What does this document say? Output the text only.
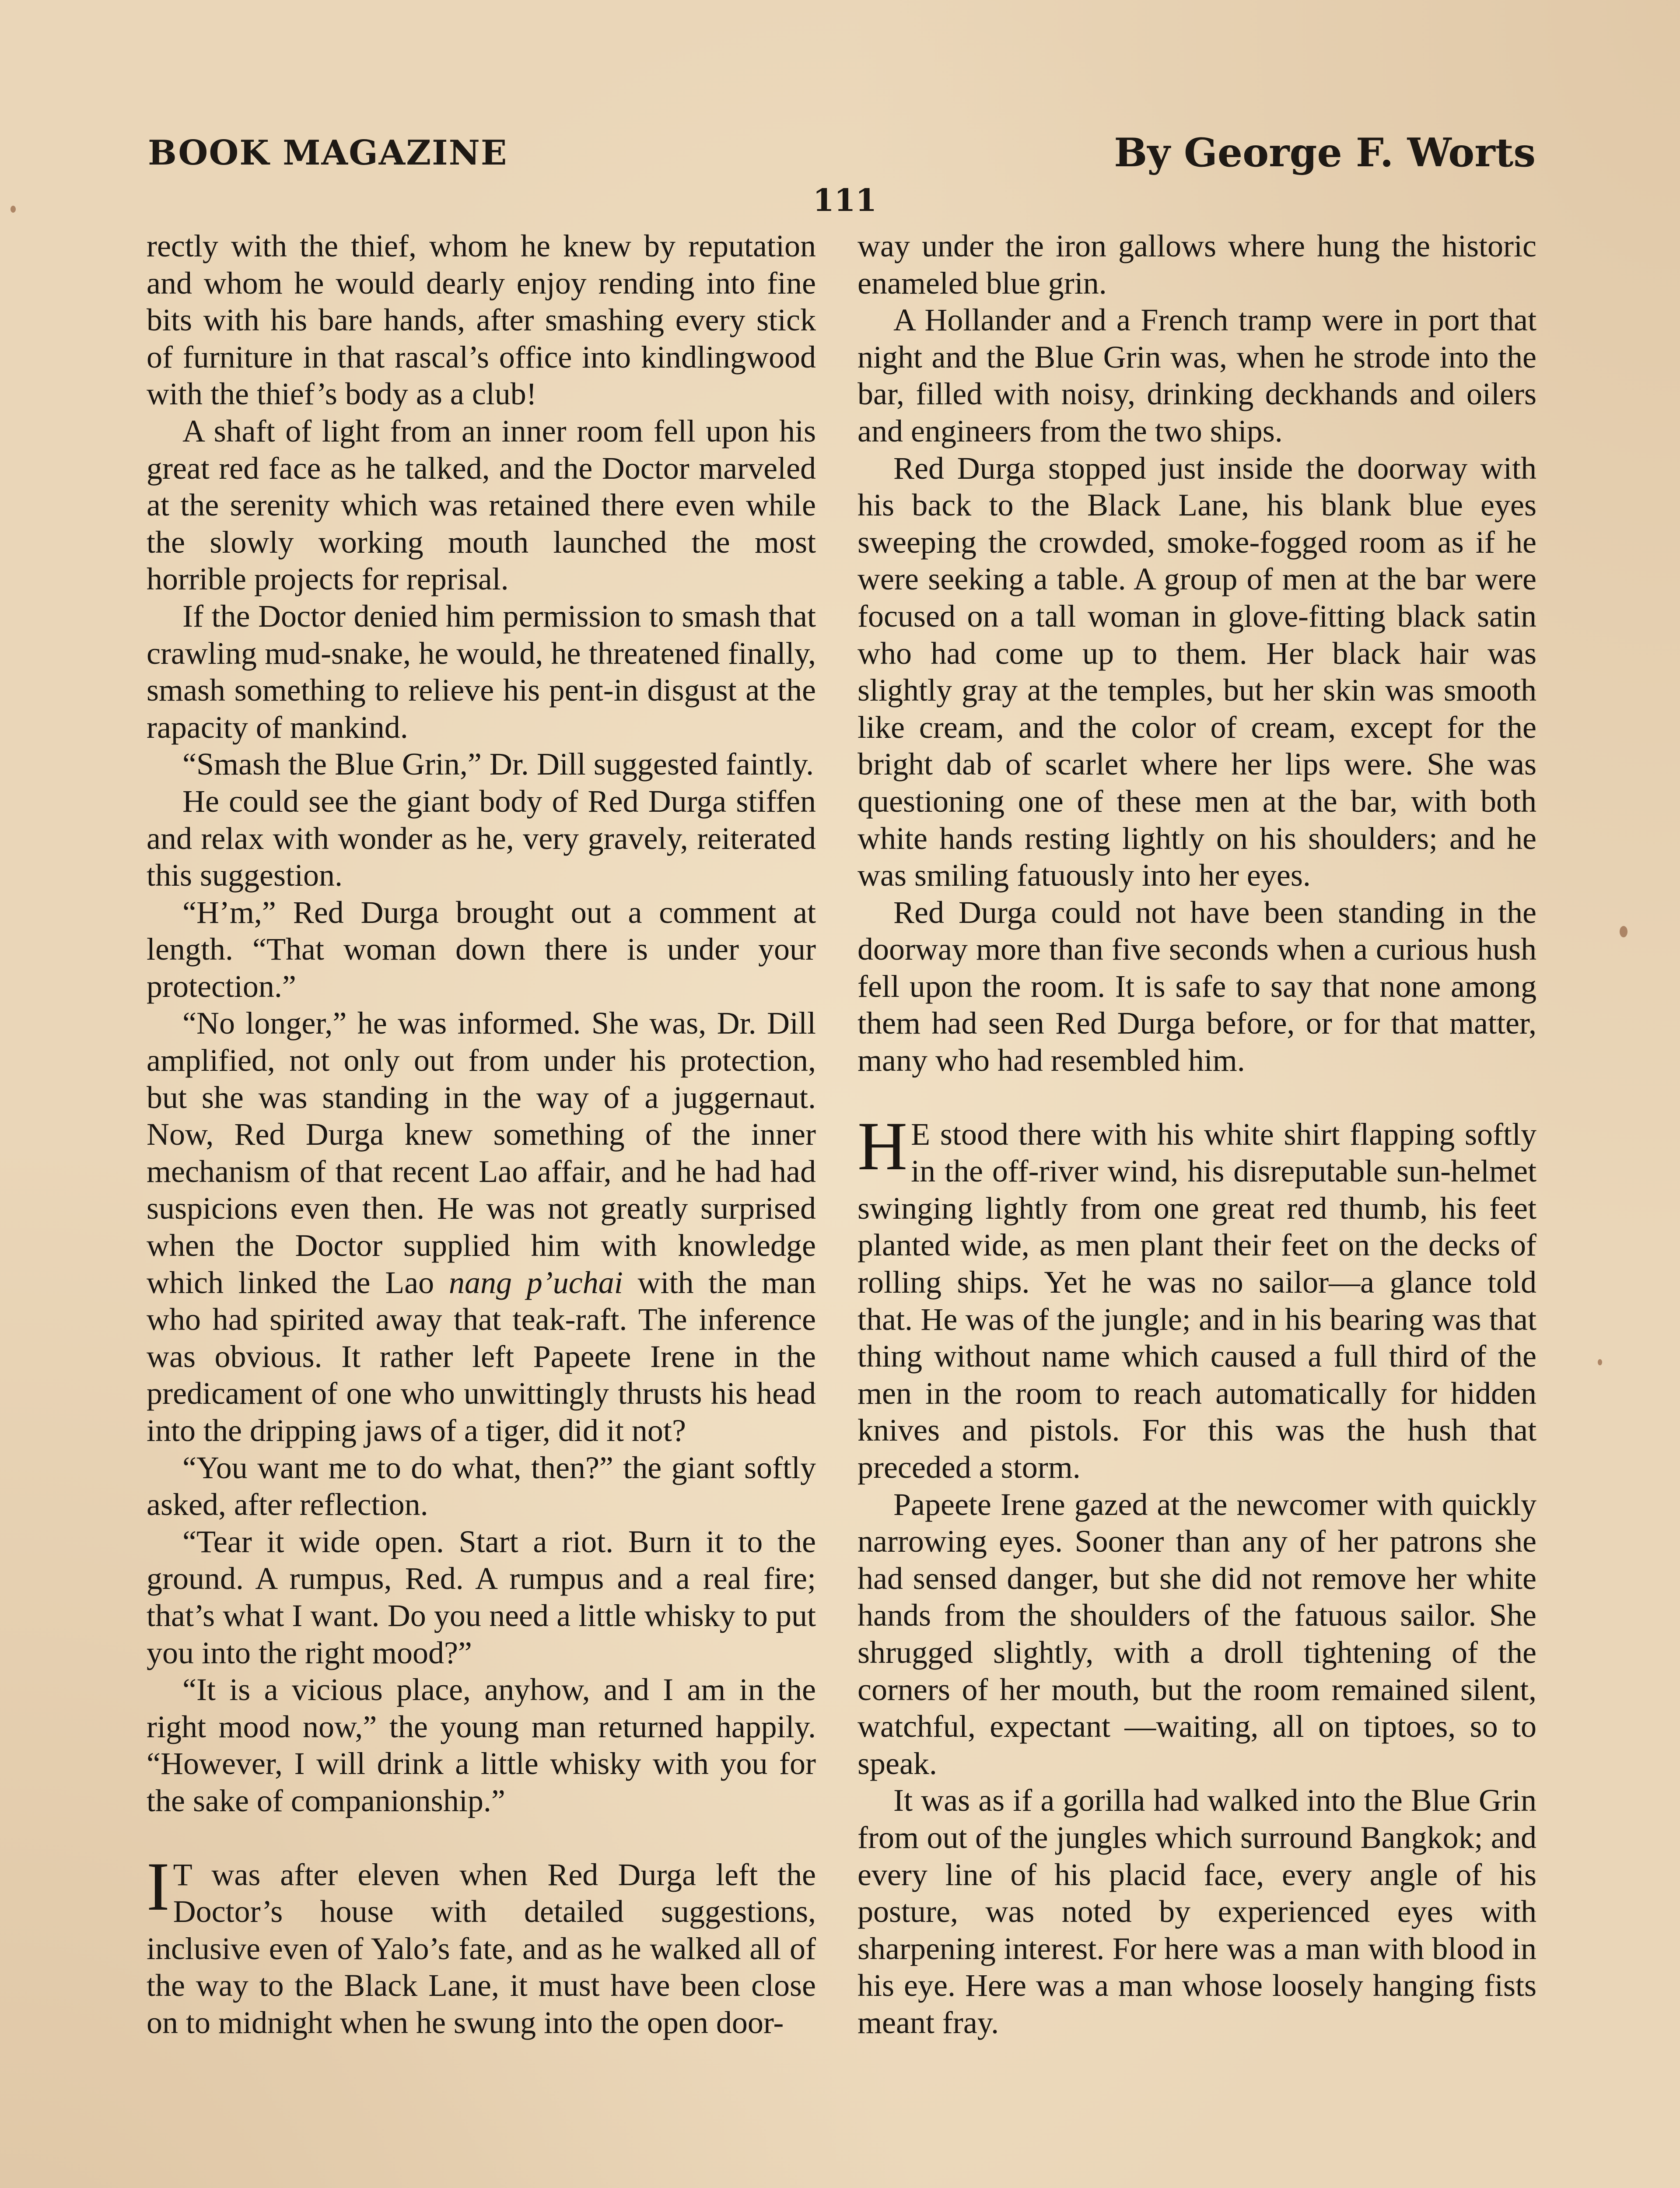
BOOK MAGAZINE	By George F. Worts
111

rectly with the thief, whom he knew by reputation and whom he would dearly enjoy rending into fine bits with his bare hands, after smashing every stick of furniture in that rascal’s office into kindlingwood with the thief’s body as a club!

A shaft of light from an inner room fell upon his great red face as he talked, and the Doctor marveled at the serenity which was retained there even while the slowly working mouth launched the most horrible projects for reprisal.

If the Doctor denied him permission to smash that crawling mud-snake, he would, he threatened finally, smash something to relieve his pent-in disgust at the rapacity of mankind.

“Smash the Blue Grin,” Dr. Dill suggested faintly.

He could see the giant body of Red Durga stiffen and relax with wonder as he, very gravely, reiterated this suggestion.

“H’m,” Red Durga brought out a comment at length. “That woman down there is under your protection.”

“No longer,” he was informed. She was, Dr. Dill amplified, not only out from under his protection, but she was standing in the way of a juggernaut. Now, Red Durga knew something of the inner mechanism of that recent Lao affair, and he had had suspicions even then. He was not greatly surprised when the Doctor supplied him with knowledge which linked the Lao nang p’uchai with the man who had spirited away that teak-raft. The inference was obvious. It rather left Papeete Irene in the predicament of one who unwittingly thrusts his head into the dripping jaws of a tiger, did it not?

“You want me to do what, then?” the giant softly asked, after reflection.

“Tear it wide open. Start a riot. Burn it to the ground. A rumpus, Red. A rumpus and a real fire; that’s what I want. Do you need a little whisky to put you into the right mood?”

“It is a vicious place, anyhow, and I am in the right mood now,” the young man returned happily. “However, I will drink a little whisky with you for the sake of companionship.”

I T was after eleven when Red Durga left the Doctor’s house with detailed suggestions, inclusive even of Yalo’s fate, and as he walked all of the way to the Black Lane, it must have been close on to midnight when he swung into the open door-

way under the iron gallows where hung the historic enameled blue grin.

A Hollander and a French tramp were in port that night and the Blue Grin was, when he strode into the bar, filled with noisy, drinking deckhands and oilers and engineers from the two ships.

Red Durga stopped just inside the doorway with his back to the Black Lane, his blank blue eyes sweeping the crowded, smoke-fogged room as if he were seeking a table. A group of men at the bar were focused on a tall woman in glove-fitting black satin who had come up to them. Her black hair was slightly gray at the temples, but her skin was smooth like cream, and the color of cream, except for the bright dab of scarlet where her lips were. She was questioning one of these men at the bar, with both white hands resting lightly on his shoulders; and he was smiling fatuously into her eyes.

Red Durga could not have been standing in the doorway more than five seconds when a curious hush fell upon the room. It is safe to say that none among them had seen Red Durga before, or for that matter, many who had resembled him.

H E stood there with his white shirt flapping softly in the off-river wind, his disreputable sun-helmet swinging lightly from one great red thumb, his feet planted wide, as men plant their feet on the decks of rolling ships. Yet he was no sailor—a glance told that. He was of the jungle; and in his bearing was that thing without name which caused a full third of the men in the room to reach automatically for hidden knives and pistols. For this was the hush that preceded a storm.

Papeete Irene gazed at the newcomer with quickly narrowing eyes. Sooner than any of her patrons she had sensed danger, but she did not remove her white hands from the shoulders of the fatuous sailor. She shrugged slightly, with a droll tightening of the corners of her mouth, but the room remained silent, watchful, expectant —waiting, all on tiptoes, so to speak.

It was as if a gorilla had walked into the Blue Grin from out of the jungles which surround Bangkok; and every line of his placid face, every angle of his posture, was noted by experienced eyes with sharpening interest. For here was a man with blood in his eye. Here was a man whose loosely hanging fists meant fray.
